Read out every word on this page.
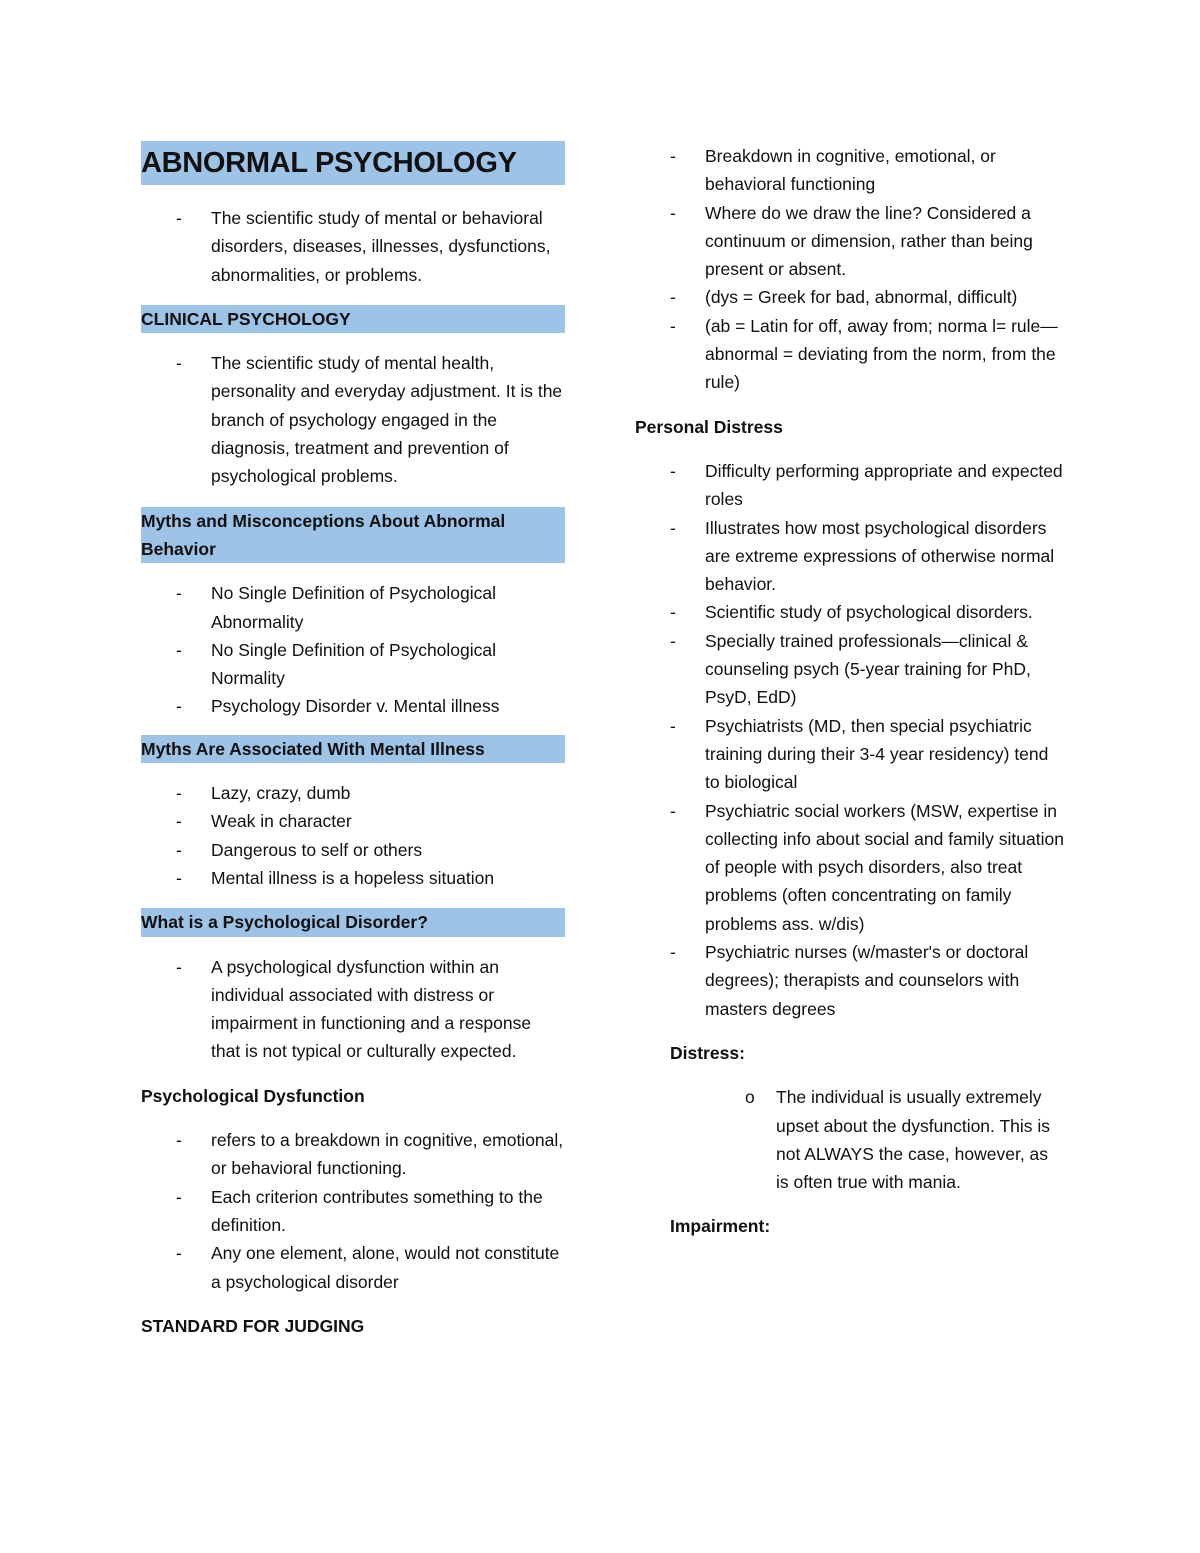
ABNORMAL PSYCHOLOGY
- The scientific study of mental or behavioral disorders, diseases, illnesses, dysfunctions, abnormalities, or problems.
CLINICAL PSYCHOLOGY
- The scientific study of mental health, personality and everyday adjustment. It is the branch of psychology engaged in the diagnosis, treatment and prevention of psychological problems.
Myths and Misconceptions About Abnormal Behavior
- No Single Definition of Psychological Abnormality
- No Single Definition of Psychological Normality
- Psychology Disorder v. Mental illness
Myths Are Associated With Mental Illness
- Lazy, crazy, dumb
- Weak in character
- Dangerous to self or others
- Mental illness is a hopeless situation
What is a Psychological Disorder?
- A psychological dysfunction within an individual associated with distress or impairment in functioning and a response that is not typical or culturally expected.
Psychological Dysfunction
- refers to a breakdown in cognitive, emotional, or behavioral functioning.
- Each criterion contributes something to the definition.
- Any one element, alone, would not constitute a psychological disorder
STANDARD FOR JUDGING
- Breakdown in cognitive, emotional, or behavioral functioning
- Where do we draw the line? Considered a continuum or dimension, rather than being present or absent.
- (dys = Greek for bad, abnormal, difficult)
- (ab = Latin for off, away from; norma l= rule— abnormal = deviating from the norm, from the rule)
Personal Distress
- Difficulty performing appropriate and expected roles
- Illustrates how most psychological disorders are extreme expressions of otherwise normal behavior.
- Scientific study of psychological disorders.
- Specially trained professionals—clinical & counseling psych (5-year training for PhD, PsyD, EdD)
- Psychiatrists (MD, then special psychiatric training during their 3-4 year residency) tend to biological
- Psychiatric social workers (MSW, expertise in collecting info about social and family situation of people with psych disorders, also treat problems (often concentrating on family problems ass. w/dis)
- Psychiatric nurses (w/master's or doctoral degrees); therapists and counselors with masters degrees
Distress:
o The individual is usually extremely upset about the dysfunction. This is not ALWAYS the case, however, as is often true with mania.
Impairment:
